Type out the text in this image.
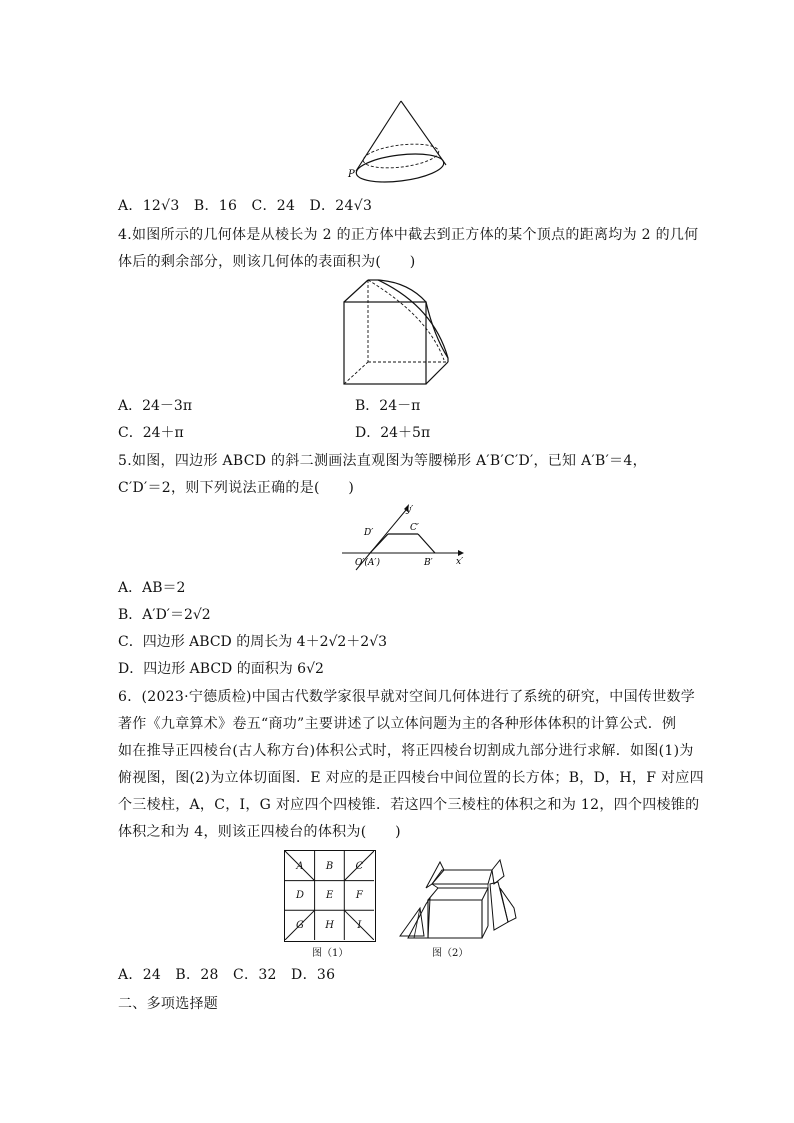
P
A．12√3　B．16　C．24　D．24√3
4.如图所示的几何体是从棱长为 2 的正方体中截去到正方体的某个顶点的距离均为 2 的几何
体后的剩余部分，则该几何体的表面积为(　　)
A．24－3π	B．24－π
C．24＋π	D．24＋5π
5.如图，四边形 ABCD 的斜二测画法直观图为等腰梯形 A′B′C′D′，已知 A′B′＝4，
C′D′＝2，则下列说法正确的是(　　)
y′
x′
D′	C′
O′(A′)	B′
A．AB＝2
B．A′D′＝2√2
C．四边形 ABCD 的周长为 4＋2√2＋2√3
D．四边形 ABCD 的面积为 6√2
6．(2023·宁德质检)中国古代数学家很早就对空间几何体进行了系统的研究，中国传世数学
著作《九章算术》卷五“商功”主要讲述了以立体问题为主的各种形体体积的计算公式．例
如在推导正四棱台(古人称方台)体积公式时，将正四棱台切割成九部分进行求解．如图(1)为
俯视图，图(2)为立体切面图．E 对应的是正四棱台中间位置的长方体；B，D，H，F 对应四
个三棱柱，A，C，I，G 对应四个四棱锥．若这四个三棱柱的体积之和为 12，四个四棱锥的
体积之和为 4，则该正四棱台的体积为(　　)
A	B	C
D	E	F
G	H	I
图（1）	图（2）
A．24　B．28　C．32　D．36
二、多项选择题
